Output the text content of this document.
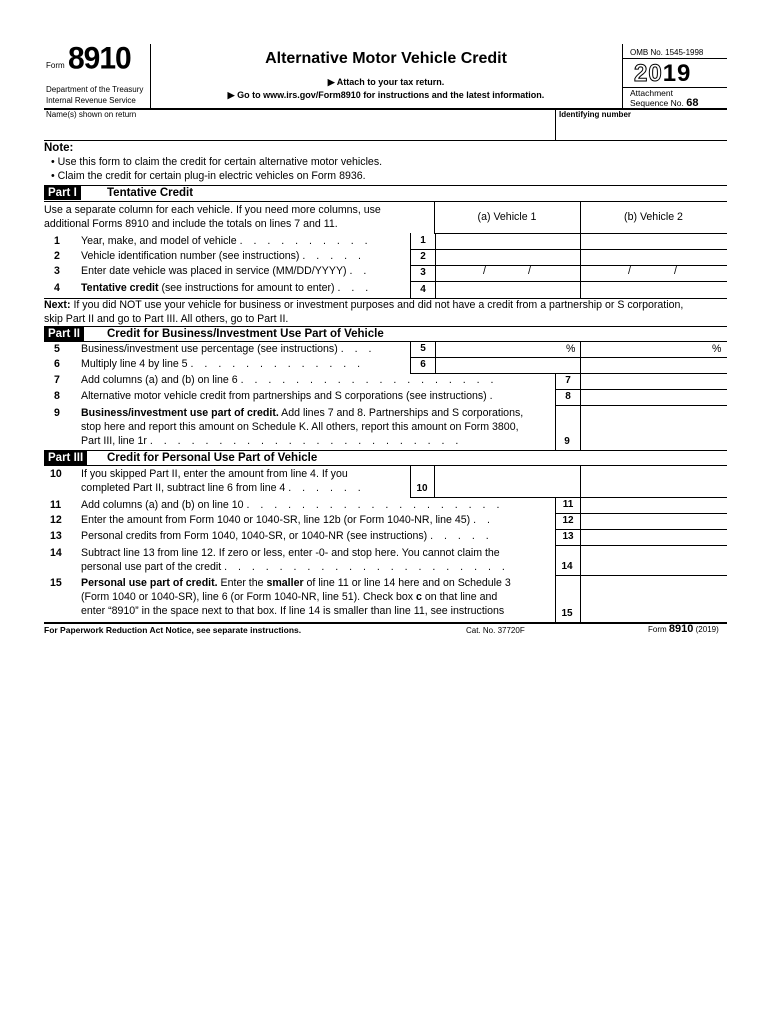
Form 8910
Department of the Treasury
Internal Revenue Service
Alternative Motor Vehicle Credit
▶ Attach to your tax return.
▶ Go to www.irs.gov/Form8910 for instructions and the latest information.
OMB No. 1545-1998
2019
Attachment
Sequence No. 68
Name(s) shown on return	Identifying number
Note:
• Use this form to claim the credit for certain alternative motor vehicles.
• Claim the credit for certain plug-in electric vehicles on Form 8936.
Part I	Tentative Credit
Use a separate column for each vehicle. If you need more columns, use
additional Forms 8910 and include the totals on lines 7 and 11.
(a) Vehicle 1	(b) Vehicle 2
1 Year, make, and model of vehicle . . . . . . . . . .	1
2 Vehicle identification number (see instructions) . . . . .	2
3 Enter date vehicle was placed in service (MM/DD/YYYY) . .	3	/	/	/	/
4 Tentative credit (see instructions for amount to enter) . . .	4
Next: If you did NOT use your vehicle for business or investment purposes and did not have a credit from a partnership or S corporation,
skip Part II and go to Part III. All others, go to Part II.
Part II	Credit for Business/Investment Use Part of Vehicle
5 Business/investment use percentage (see instructions) . . .	5	%	%
6 Multiply line 4 by line 5 . . . . . . . . . . . . .	6
7 Add columns (a) and (b) on line 6 . . . . . . . . . . . . . . . . . . .	7
8 Alternative motor vehicle credit from partnerships and S corporations (see instructions) .	8
9 Business/investment use part of credit. Add lines 7 and 8. Partnerships and S corporations,
stop here and report this amount on Schedule K. All others, report this amount on Form 3800,
Part III, line 1r . . . . . . . . . . . . . . . . . . . . . . .	9
Part III	Credit for Personal Use Part of Vehicle
10 If you skipped Part II, enter the amount from line 4. If you
completed Part II, subtract line 6 from line 4 . . . . . .	10
11 Add columns (a) and (b) on line 10 . . . . . . . . . . . . . . . . . . .	11
12 Enter the amount from Form 1040 or 1040-SR, line 12b (or Form 1040-NR, line 45) . .	12
13 Personal credits from Form 1040, 1040-SR, or 1040-NR (see instructions) . . . . .	13
14 Subtract line 13 from line 12. If zero or less, enter -0- and stop here. You cannot claim the
personal use part of the credit . . . . . . . . . . . . . . . . . . . . .	14
15 Personal use part of credit. Enter the smaller of line 11 or line 14 here and on Schedule 3
(Form 1040 or 1040-SR), line 6 (or Form 1040-NR, line 51). Check box c on that line and
enter “8910” in the space next to that box. If line 14 is smaller than line 11, see instructions	15
For Paperwork Reduction Act Notice, see separate instructions.	Cat. No. 37720F	Form 8910 (2019)
